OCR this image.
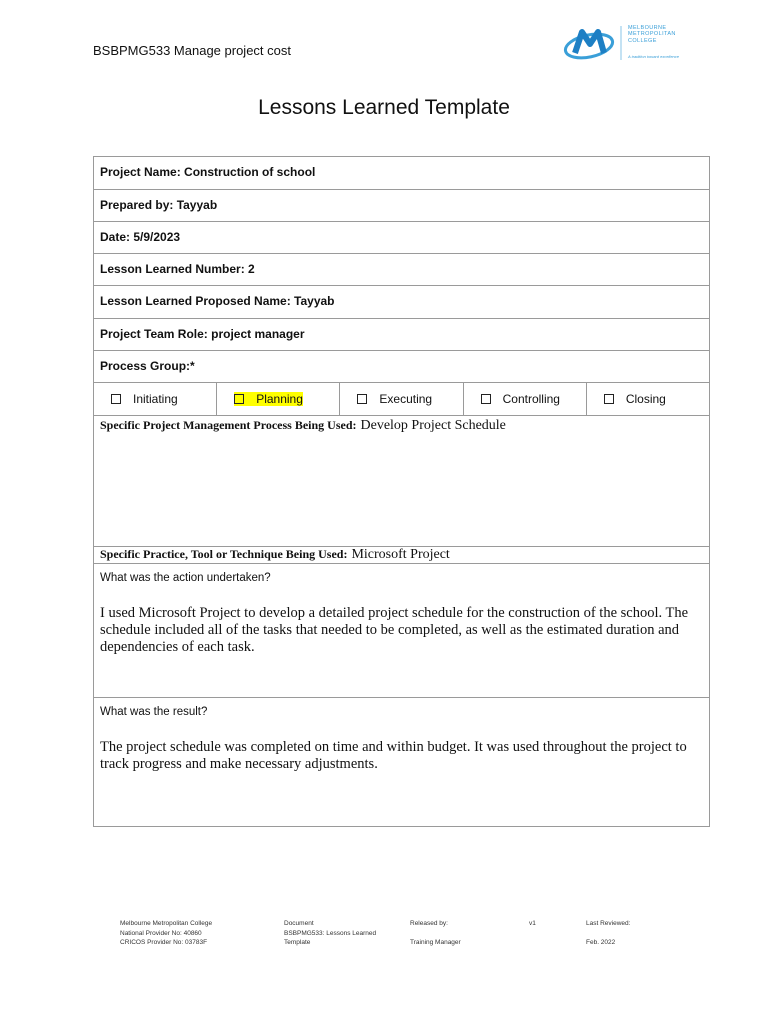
BSBPMG533 Manage project cost
MELBOURNE
METROPOLITAN
COLLEGE
A tradition toward excellence
Lessons Learned Template
Project Name: Construction of school
Prepared by: Tayyab
Date: 5/9/2023
Lesson Learned Number: 2
Lesson Learned Proposed Name: Tayyab
Project Team Role: project manager
Process Group:*
Initiating	Planning	Executing	Controlling	Closing
Specific Project Management Process Being Used: Develop Project Schedule
Specific Practice, Tool or Technique Being Used: Microsoft Project
What was the action undertaken?
I used Microsoft Project to develop a detailed project schedule for the construction of the school. The schedule included all of the tasks that needed to be completed, as well as the estimated duration and dependencies of each task.
What was the result?
The project schedule was completed on time and within budget. It was used throughout the project to track progress and make necessary adjustments.
Melbourne Metropolitan College
National Provider No: 40860
CRICOS Provider No: 03783F
Document
BSBPMG533: Lessons Learned
Template
Released by:
Training Manager
v1	Last Reviewed:
Feb. 2022
